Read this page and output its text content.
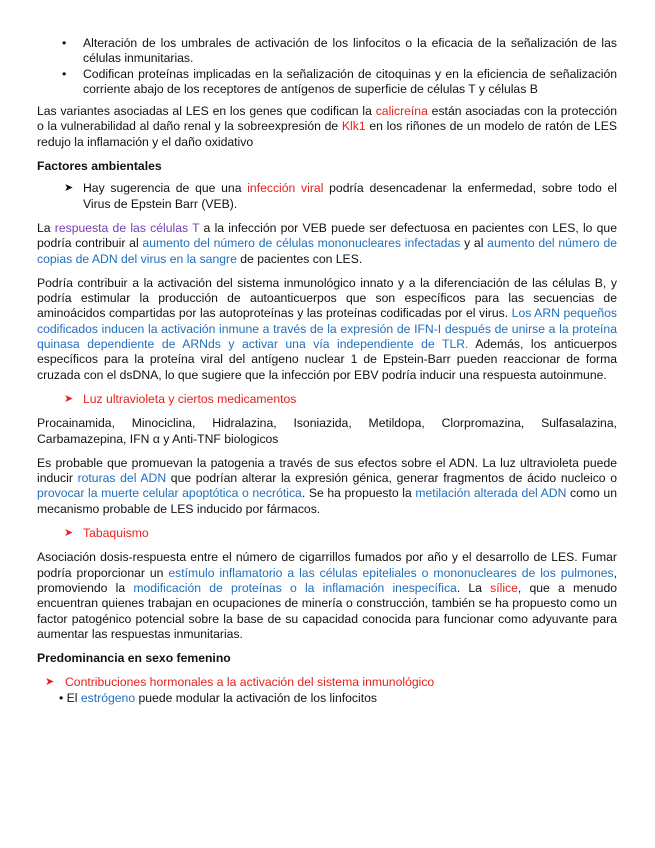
• Alteración de los umbrales de activación de los linfocitos o la eficacia de la señalización de las células inmunitarias.
• Codifican proteínas implicadas en la señalización de citoquinas y en la eficiencia de señalización corriente abajo de los receptores de antígenos de superficie de células T y células B

Las variantes asociadas al LES en los genes que codifican la calicreína están asociadas con la protección o la vulnerabilidad al daño renal y la sobreexpresión de Klk1 en los riñones de un modelo de ratón de LES redujo la inflamación y el daño oxidativo

Factores ambientales

➤ Hay sugerencia de que una infección viral podría desencadenar la enfermedad, sobre todo el Virus de Epstein Barr (VEB).

La respuesta de las células T a la infección por VEB puede ser defectuosa en pacientes con LES, lo que podría contribuir al aumento del número de células mononucleares infectadas y al aumento del número de copias de ADN del virus en la sangre de pacientes con LES.

Podría contribuir a la activación del sistema inmunológico innato y a la diferenciación de las células B, y podría estimular la producción de autoanticuerpos que son específicos para las secuencias de aminoácidos compartidas por las autoproteínas y las proteínas codificadas por el virus. Los ARN pequeños codificados inducen la activación inmune a través de la expresión de IFN-I después de unirse a la proteína quinasa dependiente de ARNds y activar una vía independiente de TLR. Además, los anticuerpos específicos para la proteína viral del antígeno nuclear 1 de Epstein-Barr pueden reaccionar de forma cruzada con el dsDNA, lo que sugiere que la infección por EBV podría inducir una respuesta autoinmune.

➤ Luz ultravioleta y ciertos medicamentos

Procainamida, Minociclina, Hidralazina, Isoniazida, Metildopa, Clorpromazina, Sulfasalazina, Carbamazepina, IFN α y Anti-TNF biologicos

Es probable que promuevan la patogenia a través de sus efectos sobre el ADN. La luz ultravioleta puede inducir roturas del ADN que podrían alterar la expresión génica, generar fragmentos de ácido nucleico o provocar la muerte celular apoptótica o necrótica. Se ha propuesto la metilación alterada del ADN como un mecanismo probable de LES inducido por fármacos.

➤ Tabaquismo

Asociación dosis-respuesta entre el número de cigarrillos fumados por año y el desarrollo de LES. Fumar podría proporcionar un estímulo inflamatorio a las células epiteliales o mononucleares de los pulmones, promoviendo la modificación de proteínas o la inflamación inespecífica. La sílice, que a menudo encuentran quienes trabajan en ocupaciones de minería o construcción, también se ha propuesto como un factor patogénico potencial sobre la base de su capacidad conocida para funcionar como adyuvante para aumentar las respuestas inmunitarias.

Predominancia en sexo femenino

➤ Contribuciones hormonales a la activación del sistema inmunológico

• El estrógeno puede modular la activación de los linfocitos
